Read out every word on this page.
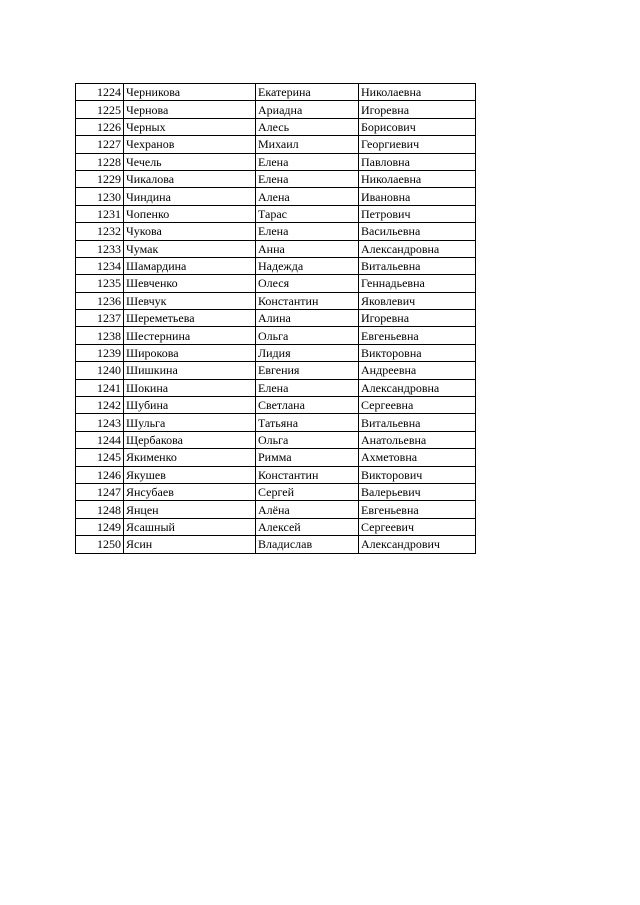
1224	Черникова	Екатерина	Николаевна
1225	Чернова	Ариадна	Игоревна
1226	Черных	Алесь	Борисович
1227	Чехранов	Михаил	Георгиевич
1228	Чечель	Елена	Павловна
1229	Чикалова	Елена	Николаевна
1230	Чиндина	Алена	Ивановна
1231	Чопенко	Тарас	Петрович
1232	Чукова	Елена	Васильевна
1233	Чумак	Анна	Александровна
1234	Шамардина	Надежда	Витальевна
1235	Шевченко	Олеся	Геннадьевна
1236	Шевчук	Константин	Яковлевич
1237	Шереметьева	Алина	Игоревна
1238	Шестернина	Ольга	Евгеньевна
1239	Широкова	Лидия	Викторовна
1240	Шишкина	Евгения	Андреевна
1241	Шокина	Елена	Александровна
1242	Шубина	Светлана	Сергеевна
1243	Шульга	Татьяна	Витальевна
1244	Щербакова	Ольга	Анатольевна
1245	Якименко	Римма	Ахметовна
1246	Якушев	Константин	Викторович
1247	Янсубаев	Сергей	Валерьевич
1248	Янцен	Алёна	Евгеньевна
1249	Ясашный	Алексей	Сергеевич
1250	Ясин	Владислав	Александрович
